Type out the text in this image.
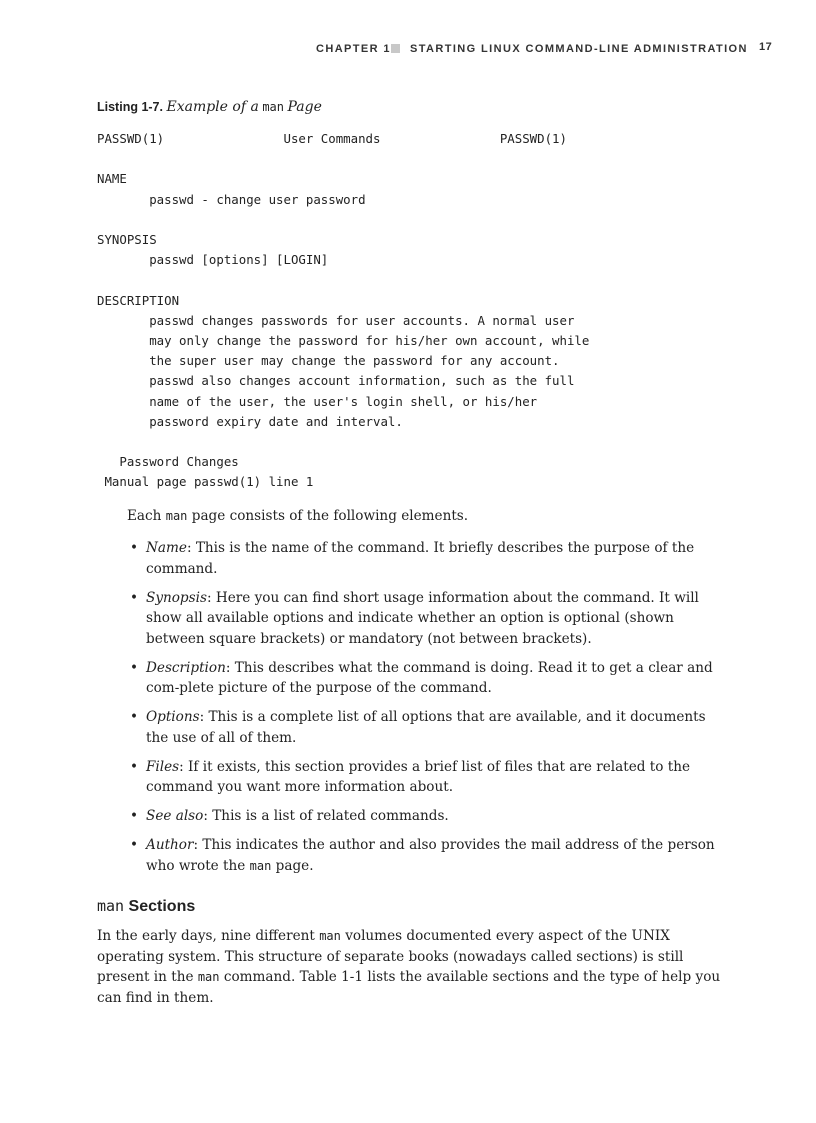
CHAPTER 1 STARTING LINUX COMMAND-LINE ADMINISTRATION 17
Listing 1-7. Example of a man Page
PASSWD(1)                User Commands                PASSWD(1)

NAME
passwd - change user password

SYNOPSIS
passwd [options] [LOGIN]

DESCRIPTION
passwd changes passwords for user accounts. A normal user
may only change the password for his/her own account, while
the super user may change the password for any account.
passwd also changes account information, such as the full
name of the user, the user's login shell, or his/her
password expiry date and interval.

Password Changes
Manual page passwd(1) line 1
Each man page consists of the following elements.
• Name: This is the name of the command. It briefly describes the purpose of the command.
• Synopsis: Here you can find short usage information about the command. It will show all available options and indicate whether an option is optional (shown between square brackets) or mandatory (not between brackets).
• Description: This describes what the command is doing. Read it to get a clear and com-plete picture of the purpose of the command.
• Options: This is a complete list of all options that are available, and it documents the use of all of them.
• Files: If it exists, this section provides a brief list of files that are related to the command you want more information about.
• See also: This is a list of related commands.
• Author: This indicates the author and also provides the mail address of the person who wrote the man page.
man Sections
In the early days, nine different man volumes documented every aspect of the UNIX operating system. This structure of separate books (nowadays called sections) is still present in the man command. Table 1-1 lists the available sections and the type of help you can find in them.
